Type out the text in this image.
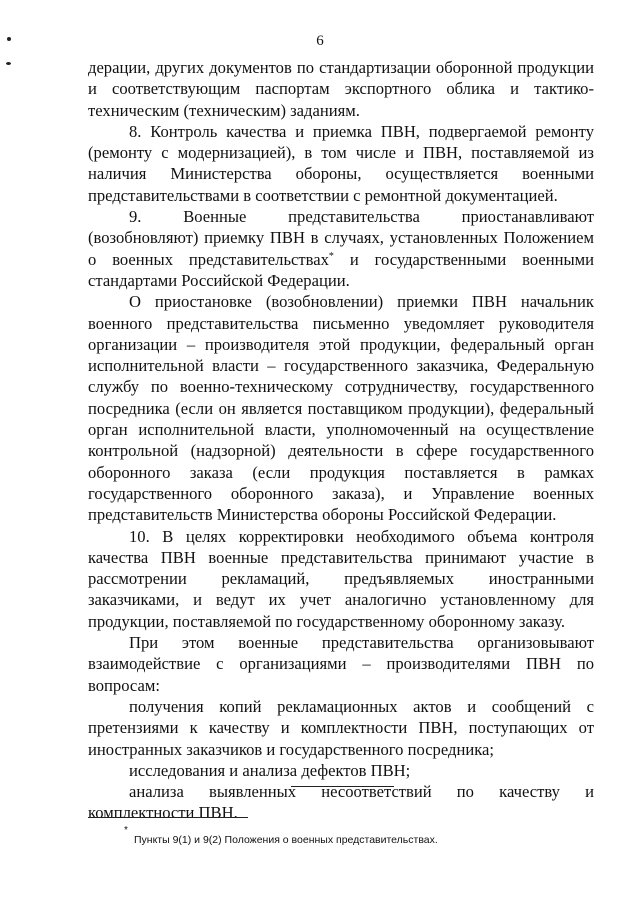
6

дерации, других документов по стандартизации оборонной продукции и соответствующим паспортам экспортного облика и тактико-техническим (техническим) заданиям.

8. Контроль качества и приемка ПВН, подвергаемой ремонту (ремонту с модернизацией), в том числе и ПВН, поставляемой из наличия Министерства обороны, осуществляется военными представительствами в соответствии с ремонтной документацией.

9. Военные представительства приостанавливают (возобновляют) приемку ПВН в случаях, установленных Положением о военных представительствах* и государственными военными стандартами Российской Федерации.

О приостановке (возобновлении) приемки ПВН начальник военного представительства письменно уведомляет руководителя организации – производителя этой продукции, федеральный орган исполнительной власти – государственного заказчика, Федеральную службу по военно-техническому сотрудничеству, государственного посредника (если он является поставщиком продукции), федеральный орган исполнительной власти, уполномоченный на осуществление контрольной (надзорной) деятельности в сфере государственного оборонного заказа (если продукция поставляется в рамках государственного оборонного заказа), и Управление военных представительств Министерства обороны Российской Федерации.

10. В целях корректировки необходимого объема контроля качества ПВН военные представительства принимают участие в рассмотрении рекламаций, предъявляемых иностранными заказчиками, и ведут их учет аналогично установленному для продукции, поставляемой по государственному оборонному заказу.

При этом военные представительства организовывают взаимодействие с организациями – производителями ПВН по вопросам:

получения копий рекламационных актов и сообщений с претензиями к качеству и комплектности ПВН, поступающих от иностранных заказчиков и государственного посредника;

исследования и анализа дефектов ПВН;

анализа выявленных несоответствий по качеству и комплектности ПВН.

*
Пункты 9(1) и 9(2) Положения о военных представительствах.
